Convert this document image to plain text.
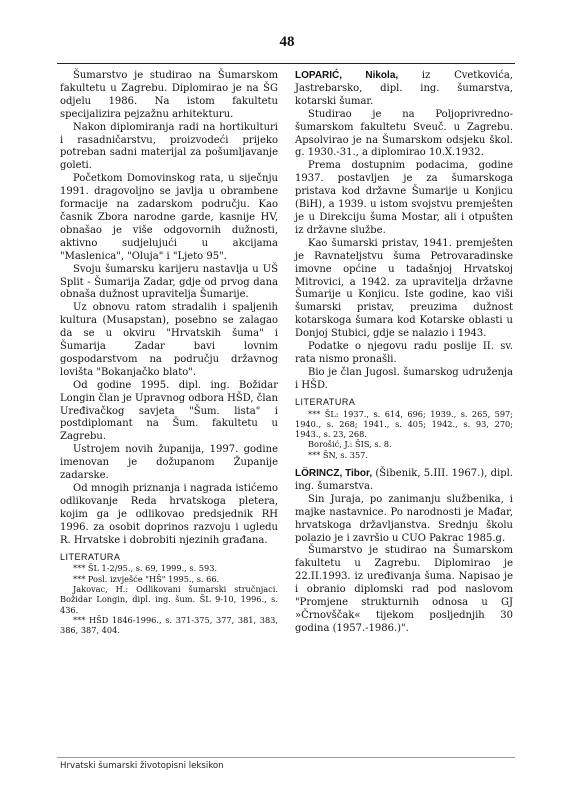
48

Šumarstvo je studirao na Šumarskom fakultetu u Zagrebu. Diplomirao je na ŠG odjelu 1986. Na istom fakultetu specijalizira pejzažnu arhitekturu.

Nakon diplomiranja radi na hortikulturi i rasadničarstvu, proizvodeći prijeko potreban sadni materijal za pošumljavanje goleti.

Početkom Domovinskog rata, u siječnju 1991. dragovoljno se javlja u obrambene formacije na zadarskom području. Kao časnik Zbora narodne garde, kasnije HV, obnašao je više odgovornih dužnosti, aktivno sudjelujući u akcijama "Maslenica", "Oluja" i "Ljeto 95".

Svoju šumarsku karijeru nastavlja u UŠ Split - Šumarija Zadar, gdje od prvog dana obnaša dužnost upravitelja Šumarije.

Uz obnovu ratom stradalih i spaljenih kultura (Musapstan), posebno se zalagao da se u okviru "Hrvatskih šuma" i Šumarija Zadar bavi lovnim gospodarstvom na području državnog lovišta "Bokanjačko blato".

Od godine 1995. dipl. ing. Božidar Longin član je Upravnog odbora HŠD, član Uređivačkog savjeta "Šum. lista" i postdiplomant na Šum. fakultetu u Zagrebu.

Ustrojem novih županija, 1997. godine imenovan je dožupanom Županije zadarske.

Od mnogih priznanja i nagrada istićemo odlikovanje Reda hrvatskoga pletera, kojim ga je odlikovao predsjednik RH 1996. za osobit doprinos razvoju i ugledu R. Hrvatske i dobrobiti njezinih građana.

LITERATURA

*** ŠL 1-2/95., s. 69, 1999., s. 593.

*** Posl. izvješće "HŠ" 1995., s. 66.

Jakovac, H.: Odlikovani šumarski stručnjaci. Božidar Longin, dipl. ing. šum. ŠL 9-10, 1996., s. 436.

*** HŠD 1846-1996., s. 371-375, 377, 381, 383, 386, 387, 404.

LOPARIĆ, Nikola, iz Cvetkovića, Jastrebarsko, dipl. ing. šumarstva, kotarski šumar.

Studirao je na Poljoprivredno-šumarskom fakultetu Sveuč. u Zagrebu. Apsolvirao je na Šumarskom odsjeku škol. g. 1930.-31., a diplomirao 10.X.1932.

Prema dostupnim podacima, godine 1937. postavljen je za šumarskoga pristava kod državne Šumarije u Konjicu (BiH), a 1939. u istom svojstvu premješten je u Direkciju šuma Mostar, ali i otpušten iz državne službe.

Kao šumarski pristav, 1941. premješten je Ravnateljstvu šuma Petrovaradinske imovne općine u tadašnjoj Hrvatskoj Mitrovici, a 1942. za upravitelja državne Šumarije u Konjicu. Iste godine, kao viši šumarski pristav, preuzima dužnost kotarskoga šumara kod Kotarske oblasti u Donjoj Stubici, gdje se nalazio i 1943.

Podatke o njegovu radu poslije II. sv. rata nismo pronašli.

Bio je član Jugosl. šumarskog udruženja i HŠD.

LITERATURA

*** ŠL: 1937., s. 614, 696; 1939., s. 265, 597; 1940., s. 268; 1941., s. 405; 1942., s. 93, 270; 1943., s. 23, 268.

Borošić, J.: ŠIS, s. 8.

*** ŠN, s. 357.

LÖRINCZ, Tibor, (Šibenik, 5.III. 1967.), dipl. ing. šumarstva.

Sin Juraja, po zanimanju službenika, i majke nastavnice. Po narodnosti je Mađar, hrvatskoga državljanstva. Srednju školu polazio je i završio u CUO Pakrac 1985.g.

Šumarstvo je studirao na Šumarskom fakultetu u Zagrebu. Diplomirao je 22.II.1993. iz uređivanja šuma. Napisao je i obranio diplomski rad pod naslovom "Promjene strukturnih odnosa u GJ »Črnovščak« tijekom posljednjih 30 godina (1957.-1986.)".

Hrvatski šumarski životopisni leksikon
